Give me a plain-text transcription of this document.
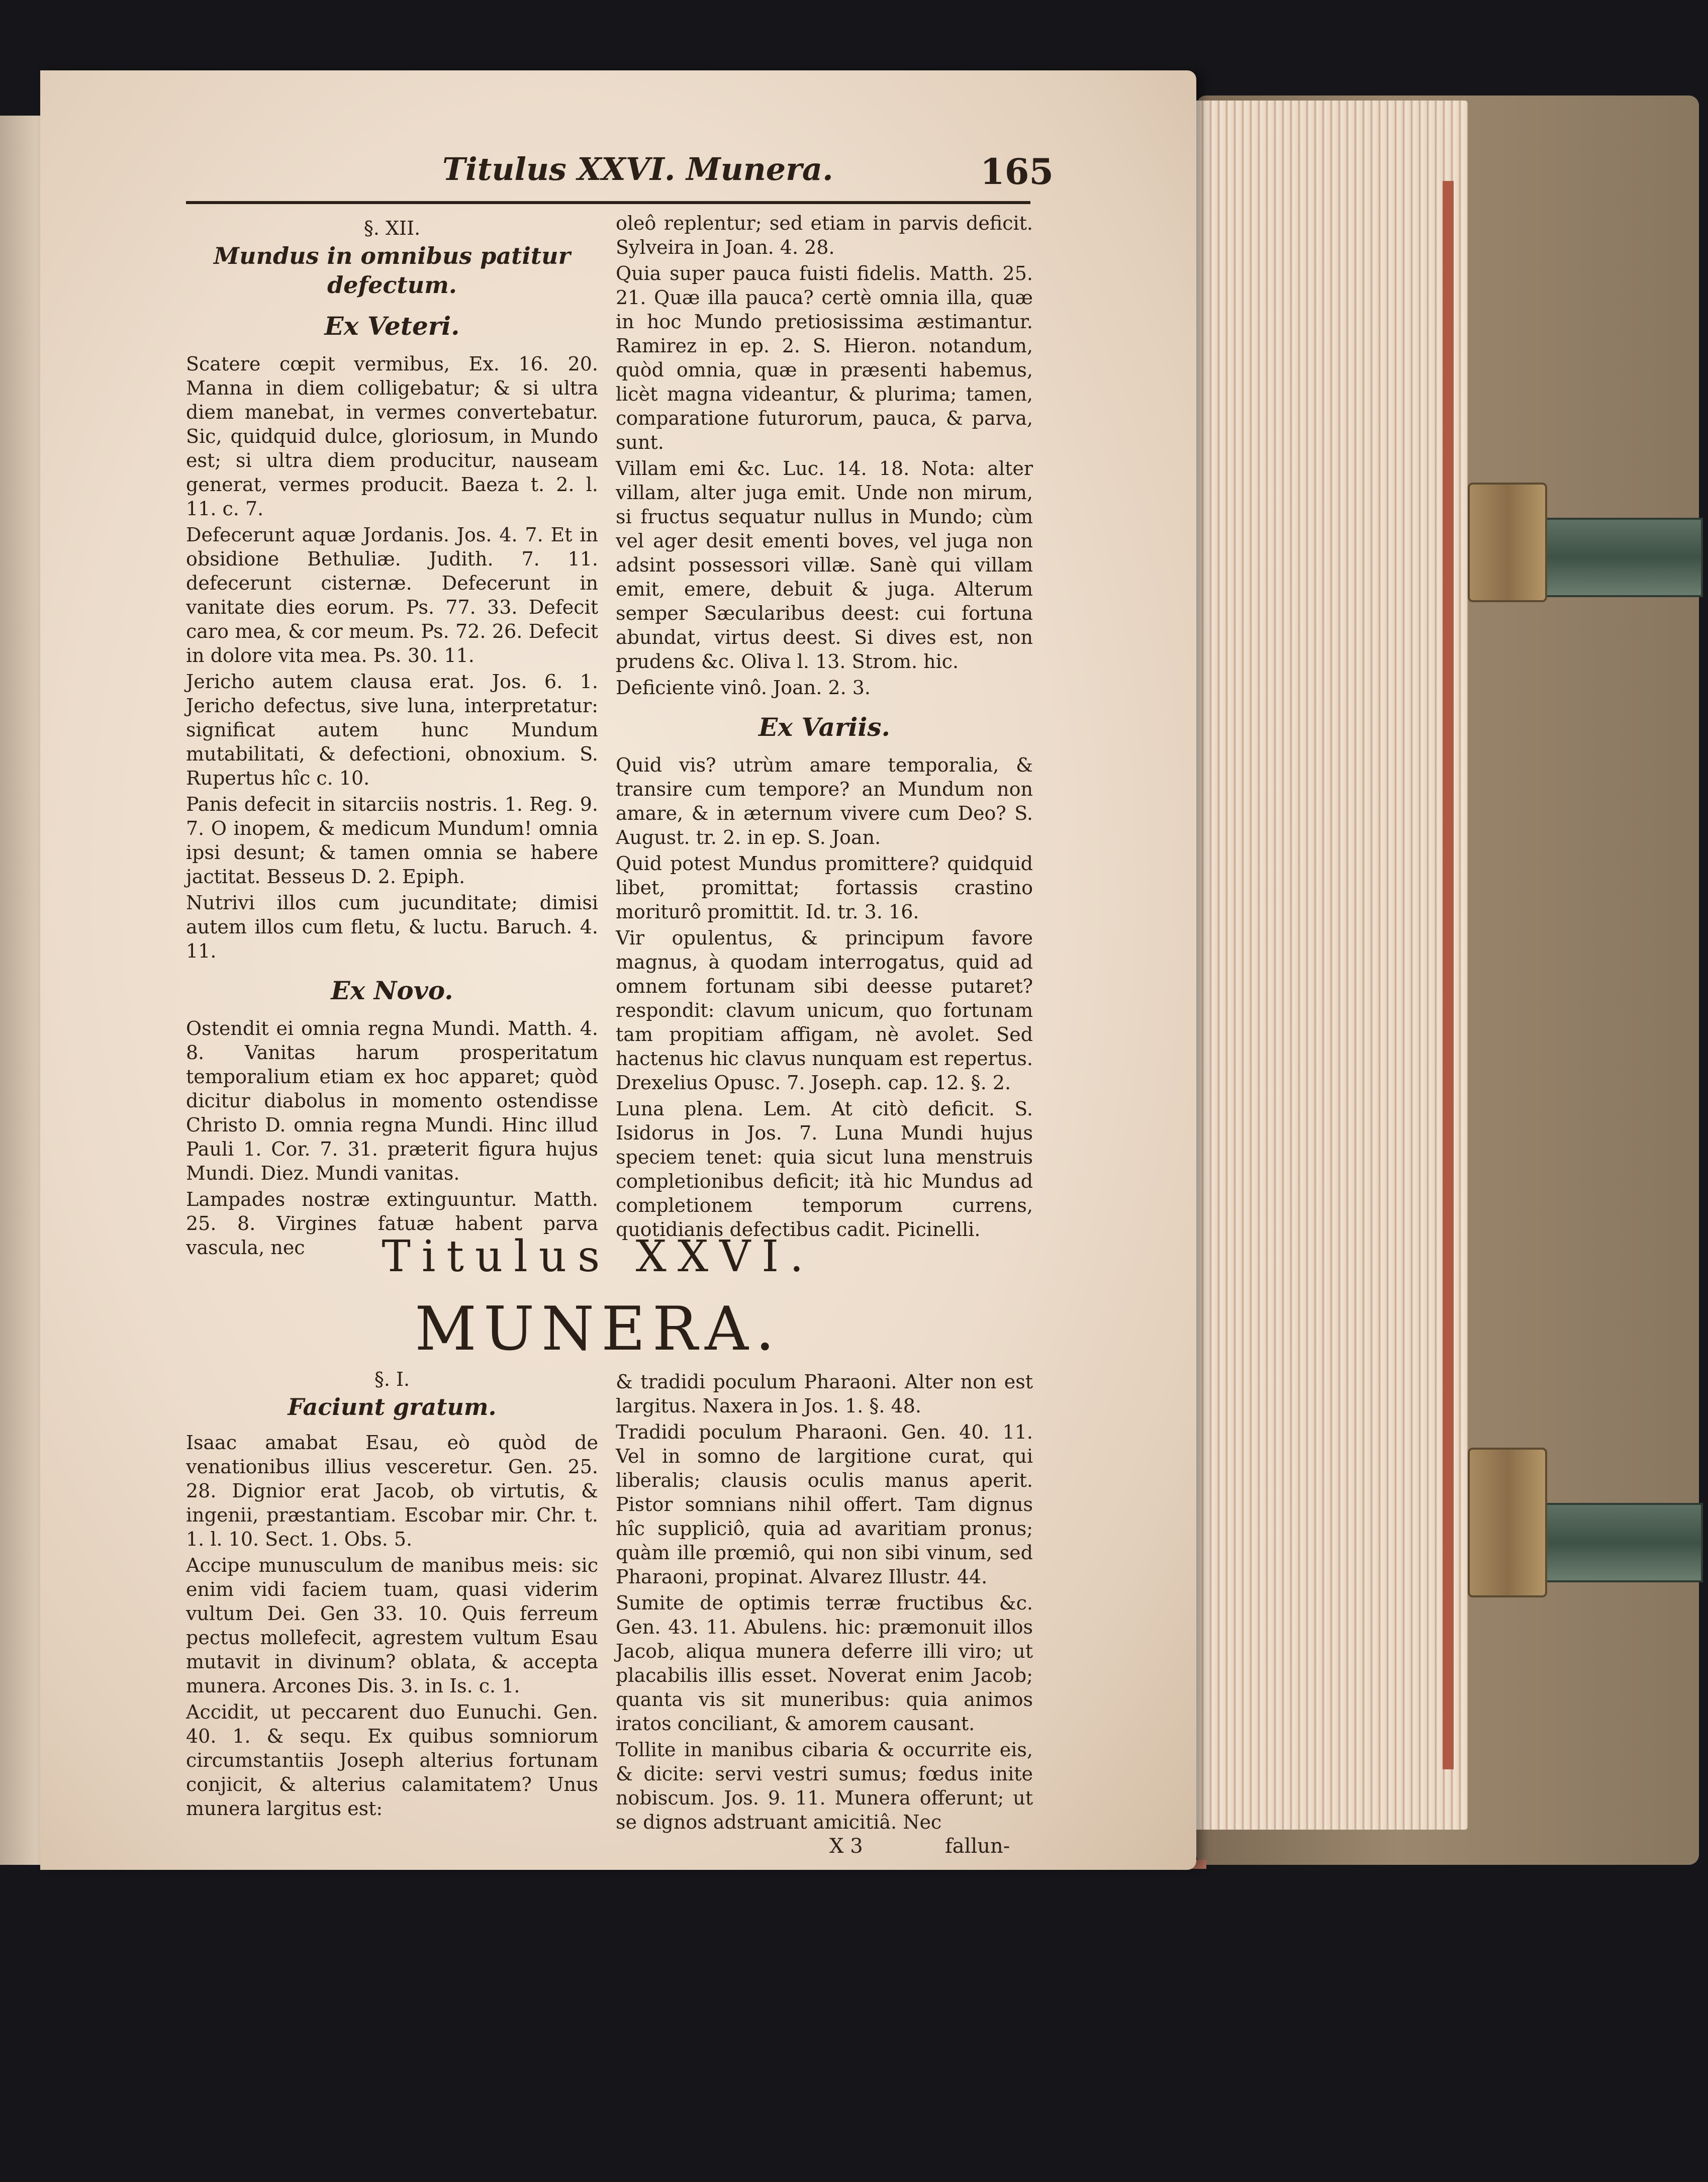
Titulus XXVI. Munera.	165

§. XII.

Mundus in omnibus patitur

defectum.

Ex Veteri.

Scatere cœpit vermibus, Ex. 16. 20. Manna in diem colligebatur; & si ultra diem manebat, in vermes convertebatur. Sic, quidquid dulce, gloriosum, in Mundo est; si ultra diem producitur, nauseam generat, vermes producit. Baeza t. 2. l. 11. c. 7.

Defecerunt aquæ Jordanis. Jos. 4. 7. Et in obsidione Bethuliæ. Judith. 7. 11. defecerunt cisternæ. Defecerunt in vanitate dies eorum. Ps. 77. 33. Defecit caro mea, & cor meum. Ps. 72. 26. Defecit in dolore vita mea. Ps. 30. 11.

Jericho autem clausa erat. Jos. 6. 1. Jericho defectus, sive luna, interpretatur: significat autem hunc Mundum mutabilitati, & defectioni, obnoxium. S. Rupertus hîc c. 10.

Panis defecit in sitarciis nostris. 1. Reg. 9. 7. O inopem, & medicum Mundum! omnia ipsi desunt; & tamen omnia se habere jactitat. Besseus D. 2. Epiph.

Nutrivi illos cum jucunditate; dimisi autem illos cum fletu, & luctu. Baruch. 4. 11.

Ex Novo.

Ostendit ei omnia regna Mundi. Matth. 4. 8. Vanitas harum prosperitatum temporalium etiam ex hoc apparet; quòd dicitur diabolus in momento ostendisse Christo D. omnia regna Mundi. Hinc illud Pauli 1. Cor. 7. 31. præterit figura hujus Mundi. Diez. Mundi vanitas.

Lampades nostræ extinguuntur. Matth. 25. 8. Virgines fatuæ habent parva vascula, nec

oleô replentur; sed etiam in parvis deficit. Sylveira in Joan. 4. 28.

Quia super pauca fuisti fidelis. Matth. 25. 21. Quæ illa pauca? certè omnia illa, quæ in hoc Mundo pretiosissima æstimantur. Ramirez in ep. 2. S. Hieron. notandum, quòd omnia, quæ in præsenti habemus, licèt magna videantur, & plurima; tamen, comparatione futurorum, pauca, & parva, sunt.

Villam emi &c. Luc. 14. 18. Nota: alter villam, alter juga emit. Unde non mirum, si fructus sequatur nullus in Mundo; cùm vel ager desit ementi boves, vel juga non adsint possessori villæ. Sanè qui villam emit, emere, debuit & juga. Alterum semper Sæcularibus deest: cui fortuna abundat, virtus deest. Si dives est, non prudens &c. Oliva l. 13. Strom. hic.

Deficiente vinô. Joan. 2. 3.

Ex Variis.

Quid vis? utrùm amare temporalia, & transire cum tempore? an Mundum non amare, & in æternum vivere cum Deo? S. August. tr. 2. in ep. S. Joan.

Quid potest Mundus promittere? quidquid libet, promittat; fortassis crastino moriturô promittit. Id. tr. 3. 16.

Vir opulentus, & principum favore magnus, à quodam interrogatus, quid ad omnem fortunam sibi deesse putaret? respondit: clavum unicum, quo fortunam tam propitiam affigam, nè avolet. Sed hactenus hic clavus nunquam est repertus. Drexelius Opusc. 7. Joseph. cap. 12. §. 2.

Luna plena. Lem. At citò deficit. S. Isidorus in Jos. 7. Luna Mundi hujus speciem tenet: quia sicut luna menstruis completionibus deficit; ità hic Mundus ad completionem temporum currens, quotidianis defectibus cadit. Picinelli.

Titulus XXVI.
MUNERA.

§. I.

Faciunt gratum.

Isaac amabat Esau, eò quòd de venationibus illius vesceretur. Gen. 25. 28. Dignior erat Jacob, ob virtutis, & ingenii, præstantiam. Escobar mir. Chr. t. 1. l. 10. Sect. 1. Obs. 5.

Accipe munusculum de manibus meis: sic enim vidi faciem tuam, quasi viderim vultum Dei. Gen 33. 10. Quis ferreum pectus mollefecit, agrestem vultum Esau mutavit in divinum? oblata, & accepta munera. Arcones Dis. 3. in Is. c. 1.

Accidit, ut peccarent duo Eunuchi. Gen. 40. 1. & sequ. Ex quibus somniorum circumstantiis Joseph alterius fortunam conjicit, & alterius calamitatem? Unus munera largitus est:

& tradidi poculum Pharaoni. Alter non est largitus. Naxera in Jos. 1. §. 48.

Tradidi poculum Pharaoni. Gen. 40. 11. Vel in somno de largitione curat, qui liberalis; clausis oculis manus aperit. Pistor somnians nihil offert. Tam dignus hîc suppliciô, quia ad avaritiam pronus; quàm ille prœmiô, qui non sibi vinum, sed Pharaoni, propinat. Alvarez Illustr. 44.

Sumite de optimis terræ fructibus &c. Gen. 43. 11. Abulens. hic: præmonuit illos Jacob, aliqua munera deferre illi viro; ut placabilis illis esset. Noverat enim Jacob; quanta vis sit muneribus: quia animos iratos conciliant, & amorem causant.

Tollite in manibus cibaria & occurrite eis, & dicite: servi vestri sumus; fœdus inite nobiscum. Jos. 9. 11. Munera offerunt; ut se dignos adstruant amicitiâ. Nec

X 3	fallun-
